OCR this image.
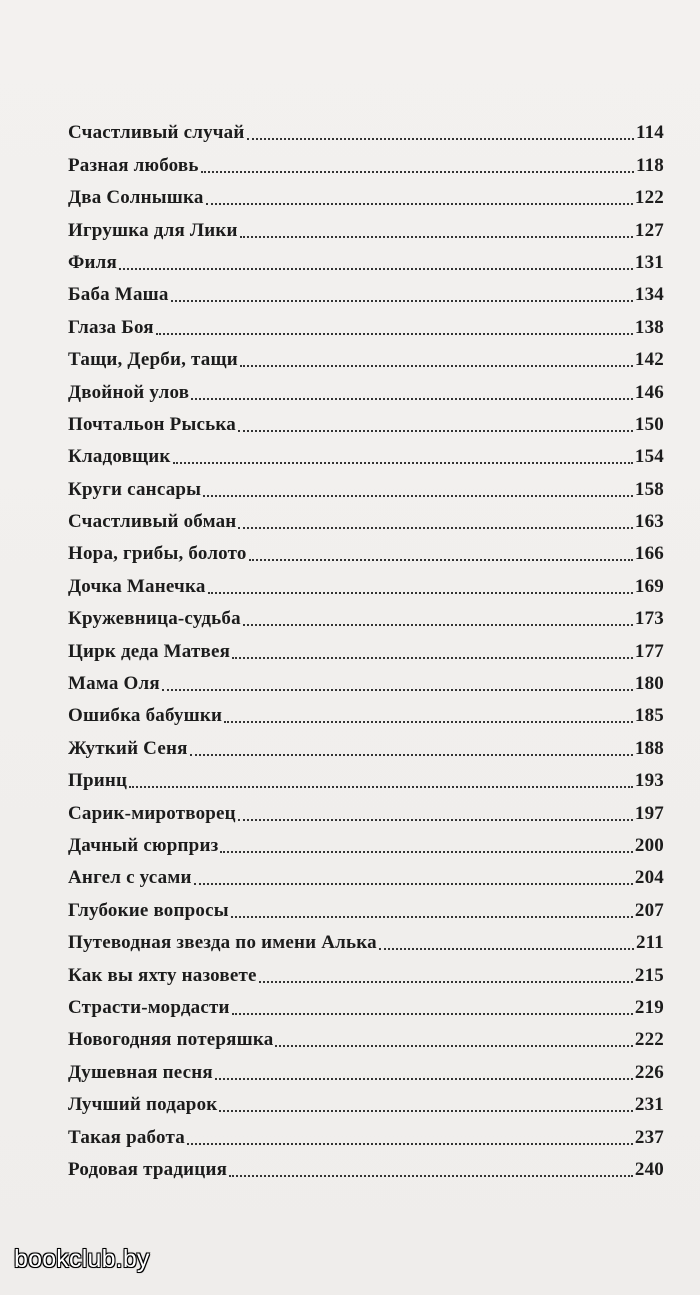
Счастливый случай	114
Разная любовь	118
Два Солнышка	122
Игрушка для Лики	127
Филя	131
Баба Маша	134
Глаза Боя	138
Тащи, Дерби, тащи	142
Двойной улов	146
Почтальон Рыська	150
Кладовщик	154
Круги сансары	158
Счастливый обман	163
Нора, грибы, болото	166
Дочка Манечка	169
Кружевница-судьба	173
Цирк деда Матвея	177
Мама Оля	180
Ошибка бабушки	185
Жуткий Сеня	188
Принц	193
Сарик-миротворец	197
Дачный сюрприз	200
Ангел с усами	204
Глубокие вопросы	207
Путеводная звезда по имени Алька	211
Как вы яхту назовете	215
Страсти-мордасти	219
Новогодняя потеряшка	222
Душевная песня	226
Лучший подарок	231
Такая работа	237
Родовая традиция	240
bookclub.by
